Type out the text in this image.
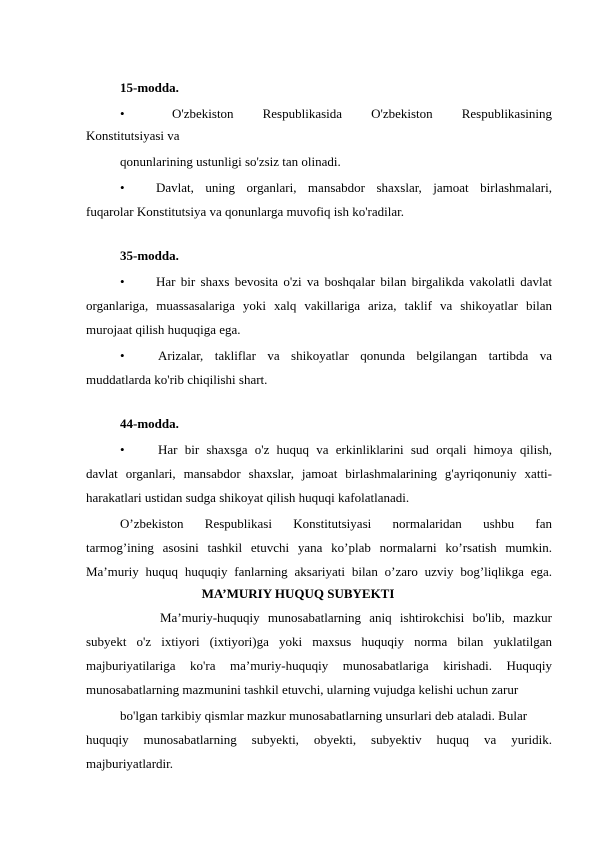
15-modda.
•	O'zbekiston Respublikasida O'zbekiston Respublikasining
Konstitutsiyasi va
qonunlarining ustunligi so'zsiz tan olinadi.
•	Davlat, uning organlari, mansabdor shaxslar, jamoat birlashmalari,
fuqarolar Konstitutsiya va qonunlarga muvofiq ish ko'radilar.
35-modda.
•	Har bir shaxs bevosita o'zi va boshqalar bilan birgalikda vakolatli davlat
organlariga, muassasalariga yoki xalq vakillariga ariza, taklif va shikoyatlar bilan
murojaat qilish huquqiga ega.
•	Arizalar, takliflar va shikoyatlar qonunda belgilangan tartibda va
muddatlarda ko'rib chiqilishi shart.
44-modda.
•	Har bir shaxsga o'z huquq va erkinliklarini sud orqali himoya qilish,
davlat organlari, mansabdor shaxslar, jamoat birlashmalarining g'ayriqonuniy xatti-
harakatlari ustidan sudga shikoyat qilish huquqi kafolatlanadi.
O’zbekiston Respublikasi Konstitutsiyasi normalaridan ushbu fan
tarmog’ining asosini tashkil etuvchi yana ko’plab normalarni ko’rsatish mumkin.
Ma’muriy huquq huquqiy fanlarning aksariyati bilan o’zaro uzviy bog’liqlikga ega.
MA’MURIY HUQUQ SUBYEKTI
Ma’muriy-huquqiy munosabatlarning aniq ishtirokchisi bo'lib, mazkur
subyekt o'z ixtiyori (ixtiyori)ga yoki maxsus huquqiy norma bilan yuklatilgan
majburiyatilariga ko'ra ma’muriy-huquqiy munosabatlariga kirishadi. Huquqiy
munosabatlarning mazmunini tashkil etuvchi, ularning vujudga kelishi uchun zarur
bo'lgan tarkibiy qismlar mazkur munosabatlarning unsurlari deb ataladi. Bular
huquqiy munosabatlarning subyekti, obyekti, subyektiv huquq va yuridik.
majburiyatlardir.
